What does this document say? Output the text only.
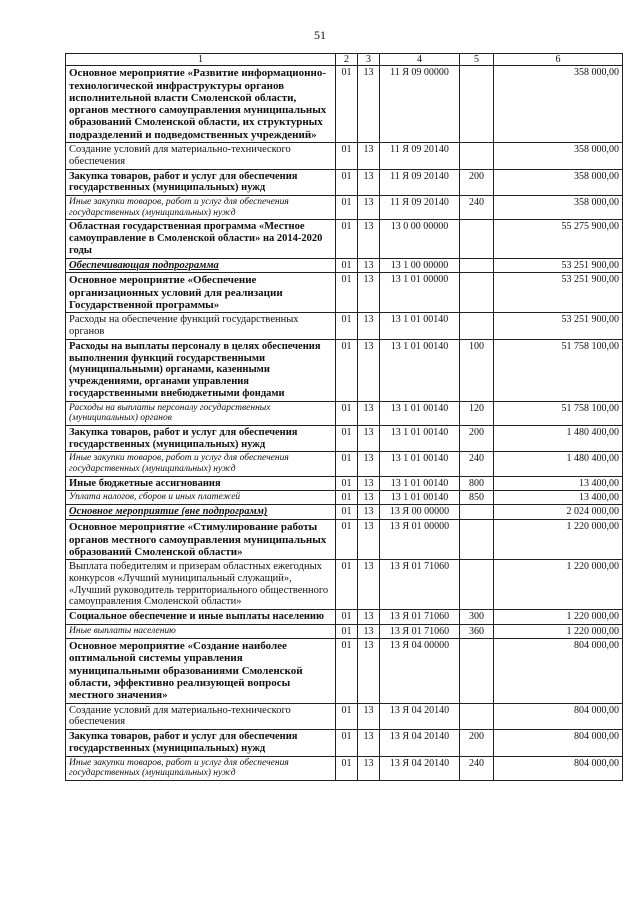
51
1	2	3	4	5	6
Основное мероприятие «Развитие информационно-технологической инфраструктуры органов исполнительной власти Смоленской области, органов местного самоуправления муниципальных образований Смоленской области, их структурных подразделений и подведомственных учреждений»	01	13	11 Я 09 00000		358 000,00
Создание условий для материально-технического обеспечения	01	13	11 Я 09 20140		358 000,00
Закупка товаров, работ и услуг для обеспечения государственных (муниципальных) нужд	01	13	11 Я 09 20140	200	358 000,00
Иные закупки товаров, работ и услуг для обеспечения государственных (муниципальных) нужд	01	13	11 Я 09 20140	240	358 000,00
Областная государственная программа «Местное самоуправление в Смоленской области» на 2014-2020 годы	01	13	13 0 00 00000		55 275 900,00
Обеспечивающая подпрограмма	01	13	13 1 00 00000		53 251 900,00
Основное мероприятие «Обеспечение организационных условий для реализации Государственной программы»	01	13	13 1 01 00000		53 251 900,00
Расходы на обеспечение функций государственных органов	01	13	13 1 01 00140		53 251 900,00
Расходы на выплаты персоналу в целях обеспечения выполнения функций государственными (муниципальными) органами, казенными учреждениями, органами управления государственными внебюджетными фондами	01	13	13 1 01 00140	100	51 758 100,00
Расходы на выплаты персоналу государственных (муниципальных) органов	01	13	13 1 01 00140	120	51 758 100,00
Закупка товаров, работ и услуг для обеспечения государственных (муниципальных) нужд	01	13	13 1 01 00140	200	1 480 400,00
Иные закупки товаров, работ и услуг для обеспечения государственных (муниципальных) нужд	01	13	13 1 01 00140	240	1 480 400,00
Иные бюджетные ассигнования	01	13	13 1 01 00140	800	13 400,00
Уплата налогов, сборов и иных платежей	01	13	13 1 01 00140	850	13 400,00
Основное мероприятие (вне подпрограмм)	01	13	13 Я 00 00000		2 024 000,00
Основное мероприятие «Стимулирование работы органов местного самоуправления муниципальных образований Смоленской области»	01	13	13 Я 01 00000		1 220 000,00
Выплата победителям и призерам областных ежегодных конкурсов «Лучший муниципальный служащий», «Лучший руководитель территориального общественного самоуправления Смоленской области»	01	13	13 Я 01 71060		1 220 000,00
Социальное обеспечение и иные выплаты населению	01	13	13 Я 01 71060	300	1 220 000,00
Иные выплаты населению	01	13	13 Я 01 71060	360	1 220 000,00
Основное мероприятие «Создание наиболее оптимальной системы управления муниципальными образованиями Смоленской области, эффективно реализующей вопросы местного значения»	01	13	13 Я 04 00000		804 000,00
Создание условий для материально-технического обеспечения	01	13	13 Я 04 20140		804 000,00
Закупка товаров, работ и услуг для обеспечения государственных (муниципальных) нужд	01	13	13 Я 04 20140	200	804 000,00
Иные закупки товаров, работ и услуг для обеспечения государственных (муниципальных) нужд	01	13	13 Я 04 20140	240	804 000,00
